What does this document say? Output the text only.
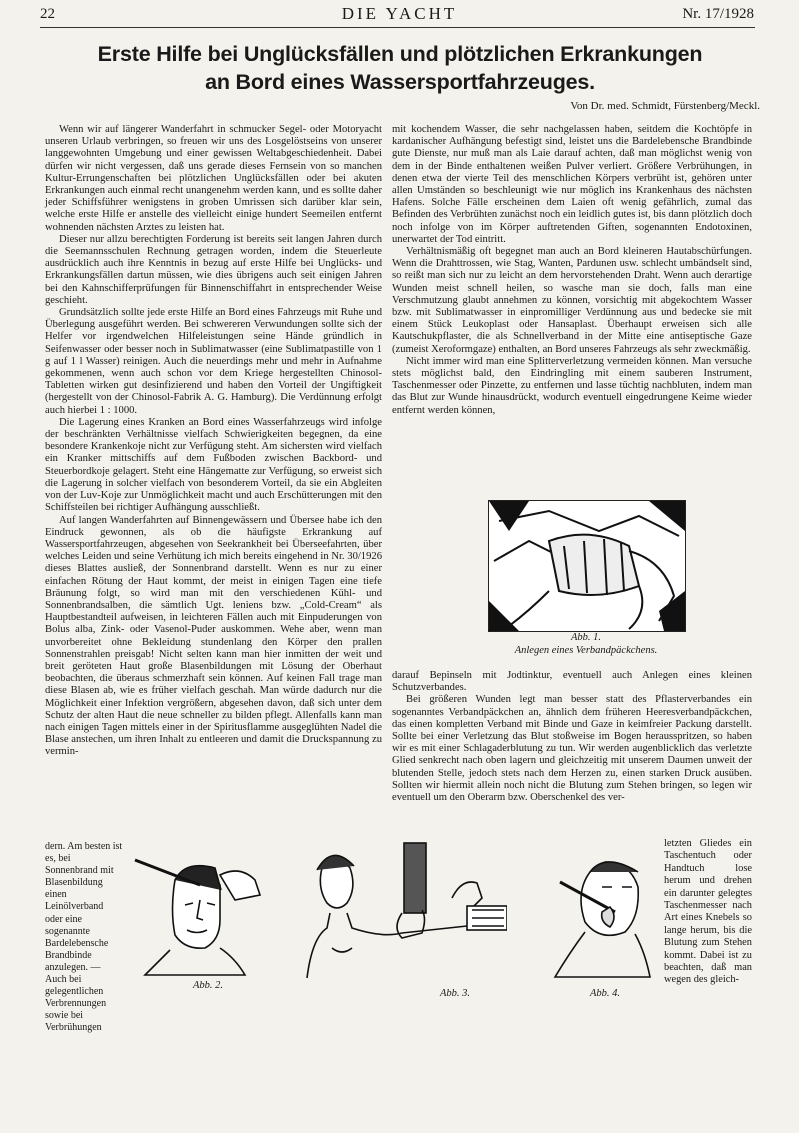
22	DIE YACHT	Nr. 17/1928
Erste Hilfe bei Unglücksfällen und plötzlichen Erkrankungen
an Bord eines Wassersportfahrzeuges.
Von Dr. med. Schmidt, Fürstenberg/Meckl.

Wenn wir auf längerer Wanderfahrt in schmucker Segel- oder Motoryacht unseren Urlaub verbringen, so freuen wir uns des Losgelöstseins von unserer langgewohnten Umgebung und einer gewissen Weltabgeschiedenheit. Dabei dürfen wir nicht vergessen, daß uns gerade dieses Fernsein von so manchen Kultur-Errungenschaften bei plötzlichen Unglücksfällen oder bei akuten Erkrankungen auch einmal recht unangenehm werden kann, und es sollte daher jeder Schiffsführer wenigstens in groben Umrissen sich darüber klar sein, welche erste Hilfe er anstelle des vielleicht einige hundert Seemeilen entfernt wohnenden nächsten Arztes zu leisten hat.

Dieser nur allzu berechtigten Forderung ist bereits seit langen Jahren durch die Seemannsschulen Rechnung getragen worden, indem die Steuerleute ausdrücklich auch ihre Kenntnis in bezug auf erste Hilfe bei Unglücks- und Erkrankungsfällen dartun müssen, wie dies übrigens auch seit einigen Jahren bei den Kahnschifferprüfungen für Binnenschiffahrt in entsprechender Weise geschieht.

Grundsätzlich sollte jede erste Hilfe an Bord eines Fahrzeugs mit Ruhe und Überlegung ausgeführt werden. Bei schwereren Verwundungen sollte sich der Helfer vor irgendwelchen Hilfeleistungen seine Hände gründlich in Seifenwasser oder besser noch in Sublimatwasser (eine Sublimatpastille von 1 g auf 1 l Wasser) reinigen. Auch die neuerdings mehr und mehr in Aufnahme gekommenen, wenn auch schon vor dem Kriege hergestellten Chinosol-Tabletten wirken gut desinfizierend und haben den Vorteil der Ungiftigkeit (hergestellt von der Chinosol-Fabrik A. G. Hamburg). Die Verdünnung erfolgt auch hierbei 1 : 1000.

Die Lagerung eines Kranken an Bord eines Wasserfahrzeugs wird infolge der beschränkten Verhältnisse vielfach Schwierigkeiten begegnen, da eine besondere Krankenkoje nicht zur Verfügung steht. Am sichersten wird vielfach ein Kranker mittschiffs auf dem Fußboden zwischen Backbord- und Steuerbordkoje gelagert. Steht eine Hängematte zur Verfügung, so erweist sich die Lagerung in solcher vielfach von besonderem Vorteil, da sie ein Abgleiten von der Luv-Koje zur Unmöglichkeit macht und auch Erschütterungen mit den Schiffsteilen bei richtiger Aufhängung ausschließt.

Auf langen Wanderfahrten auf Binnengewässern und Übersee habe ich den Eindruck gewonnen, als ob die häufigste Erkrankung auf Wassersportfahrzeugen, abgesehen von Seekrankheit bei Überseefahrten, über welches Leiden und seine Verhütung ich mich bereits eingehend in Nr. 30/1926 dieses Blattes ausließ, der Sonnenbrand darstellt. Wenn es nur zu einer einfachen Rötung der Haut kommt, der meist in einigen Tagen eine tiefe Bräunung folgt, so wird man mit den verschiedenen Kühl- und Sonnenbrandsalben, die sämtlich Ugt. leniens bzw. „Cold-Cream“ als Hauptbestandteil aufweisen, in leichteren Fällen auch mit Einpuderungen von Bolus alba, Zink- oder Vasenol-Puder auskommen. Wehe aber, wenn man unvorbereitet ohne Bekleidung stundenlang den Körper den prallen Sonnenstrahlen preisgab! Nicht selten kann man hier inmitten der weit und breit geröteten Haut große Blasenbildungen mit Lösung der Oberhaut beobachten, die überaus schmerzhaft sein können. Auf keinen Fall trage man diese Blasen ab, wie es früher vielfach geschah. Man würde dadurch nur die Möglichkeit einer Infektion vergrößern, abgesehen davon, daß sich unter dem Schutz der alten Haut die neue schneller zu bilden pflegt. Allenfalls kann man nach einigen Tagen mittels einer in der Spiritusflamme ausgeglühten Nadel die Blase anstechen, um ihren Inhalt zu entleeren und damit die Druckspannung zu vermin-

dern. Am besten ist es, bei Sonnenbrand mit Blasenbildung einen Leinölverband oder eine sogenannte Bardelebensche Brandbinde anzulegen. — Auch bei gelegentlichen Verbrennungen sowie bei Verbrühungen

mit kochendem Wasser, die sehr nachgelassen haben, seitdem die Kochtöpfe in kardanischer Aufhängung befestigt sind, leistet uns die Bardelebensche Brandbinde gute Dienste, nur muß man als Laie darauf achten, daß man möglichst wenig von dem in der Binde enthaltenen weißen Pulver verliert. Größere Verbrühungen, in denen etwa der vierte Teil des menschlichen Körpers verbrüht ist, gehören unter allen Umständen so beschleunigt wie nur möglich ins Krankenhaus des nächsten Hafens. Solche Fälle erscheinen dem Laien oft wenig gefährlich, zumal das Befinden des Verbrühten zunächst noch ein leidlich gutes ist, bis dann plötzlich doch noch infolge von im Körper auftretenden Giften, sogenannten Endotoxinen, unerwartet der Tod eintritt.

Verhältnismäßig oft begegnet man auch an Bord kleineren Hautabschürfungen. Wenn die Drahttrossen, wie Stag, Wanten, Pardunen usw. schlecht umbändselt sind, so reißt man sich nur zu leicht an dem hervorstehenden Draht. Wenn auch derartige Wunden meist schnell heilen, so wasche man sie doch, falls man eine Verschmutzung glaubt annehmen zu können, vorsichtig mit abgekochtem Wasser bzw. mit Sublimatwasser in einpromilliger Verdünnung aus und bedecke sie mit einem Stück Leukoplast oder Hansaplast. Überhaupt erweisen sich alle Kautschukpflaster, die als Schnellverband in der Mitte eine antiseptische Gaze (zumeist Xeroformgaze) enthalten, an Bord unseres Fahrzeugs als sehr zweckmäßig.

Nicht immer wird man eine Splitterverletzung vermeiden können. Man versuche stets möglichst bald, den Eindringling mit einem sauberen Instrument, Taschenmesser oder Pinzette, zu entfernen und lasse tüchtig nachbluten, indem man das Blut zur Wunde hinausdrückt, wodurch eventuell eingedrungene Keime wieder entfernt werden können,

Abb. 1.
Anlegen eines Verbandpäckchens.

darauf Bepinseln mit Jodtinktur, eventuell auch Anlegen eines kleinen Schutzverbandes.

Bei größeren Wunden legt man besser statt des Pflasterverbandes ein sogenanntes Verbandpäckchen an, ähnlich dem früheren Heeresverbandpäckchen, das einen kompletten Verband mit Binde und Gaze in keimfreier Packung darstellt. Sollte bei einer Verletzung das Blut stoßweise im Bogen herausspritzen, so haben wir es mit einer Schlagaderblutung zu tun. Wir werden augenblicklich das verletzte Glied senkrecht nach oben lagern und gleichzeitig mit unserem Daumen unweit der blutenden Stelle, jedoch stets nach dem Herzen zu, einen starken Druck ausüben. Sollten wir hiermit allein noch nicht die Blutung zum Stehen bringen, so legen wir eventuell um den Oberarm bzw. Oberschenkel des ver-

letzten Gliedes ein Taschentuch oder Handtuch lose herum und drehen ein darunter gelegtes Taschenmesser nach Art eines Knebels so lange herum, bis die Blutung zum Stehen kommt. Dabei ist zu beachten, daß man wegen des gleich-
Abb. 2.
Abb. 3.	Abb. 4.
